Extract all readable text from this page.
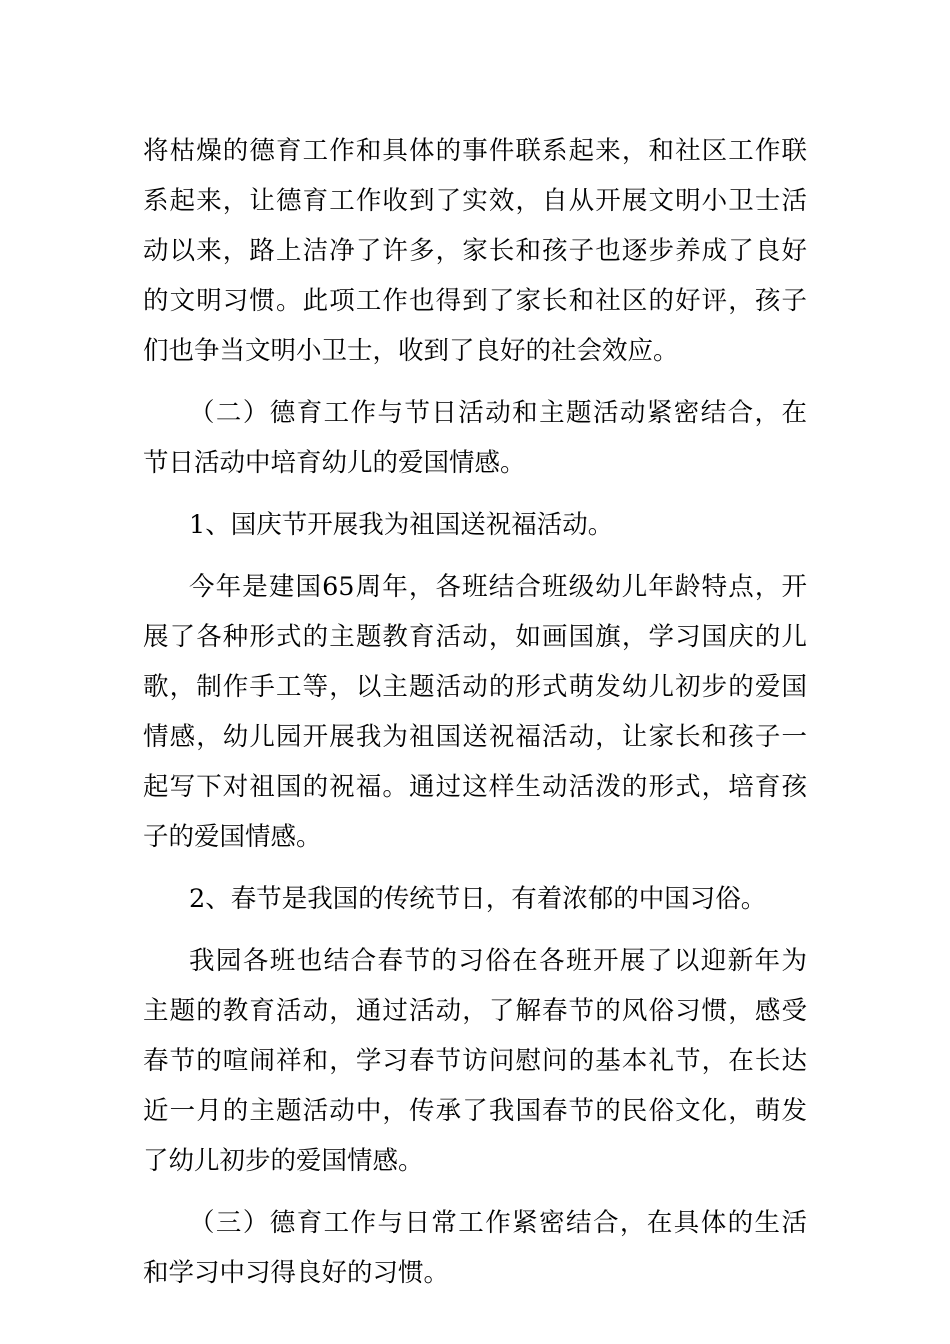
将枯燥的德育工作和具体的事件联系起来，和社区工作联
系起来，让德育工作收到了实效，自从开展文明小卫士活
动以来，路上洁净了许多，家长和孩子也逐步养成了良好
的文明习惯。此项工作也得到了家长和社区的好评，孩子
们也争当文明小卫士，收到了良好的社会效应。
（二）德育工作与节日活动和主题活动紧密结合，在
节日活动中培育幼儿的爱国情感。
1、国庆节开展我为祖国送祝福活动。
今年是建国65周年，各班结合班级幼儿年龄特点，开
展了各种形式的主题教育活动，如画国旗，学习国庆的儿
歌，制作手工等，以主题活动的形式萌发幼儿初步的爱国
情感，幼儿园开展我为祖国送祝福活动，让家长和孩子一
起写下对祖国的祝福。通过这样生动活泼的形式，培育孩
子的爱国情感。
2、春节是我国的传统节日，有着浓郁的中国习俗。
我园各班也结合春节的习俗在各班开展了以迎新年为
主题的教育活动，通过活动，了解春节的风俗习惯，感受
春节的喧闹祥和，学习春节访问慰问的基本礼节，在长达
近一月的主题活动中，传承了我国春节的民俗文化，萌发
了幼儿初步的爱国情感。
（三）德育工作与日常工作紧密结合，在具体的生活
和学习中习得良好的习惯。
